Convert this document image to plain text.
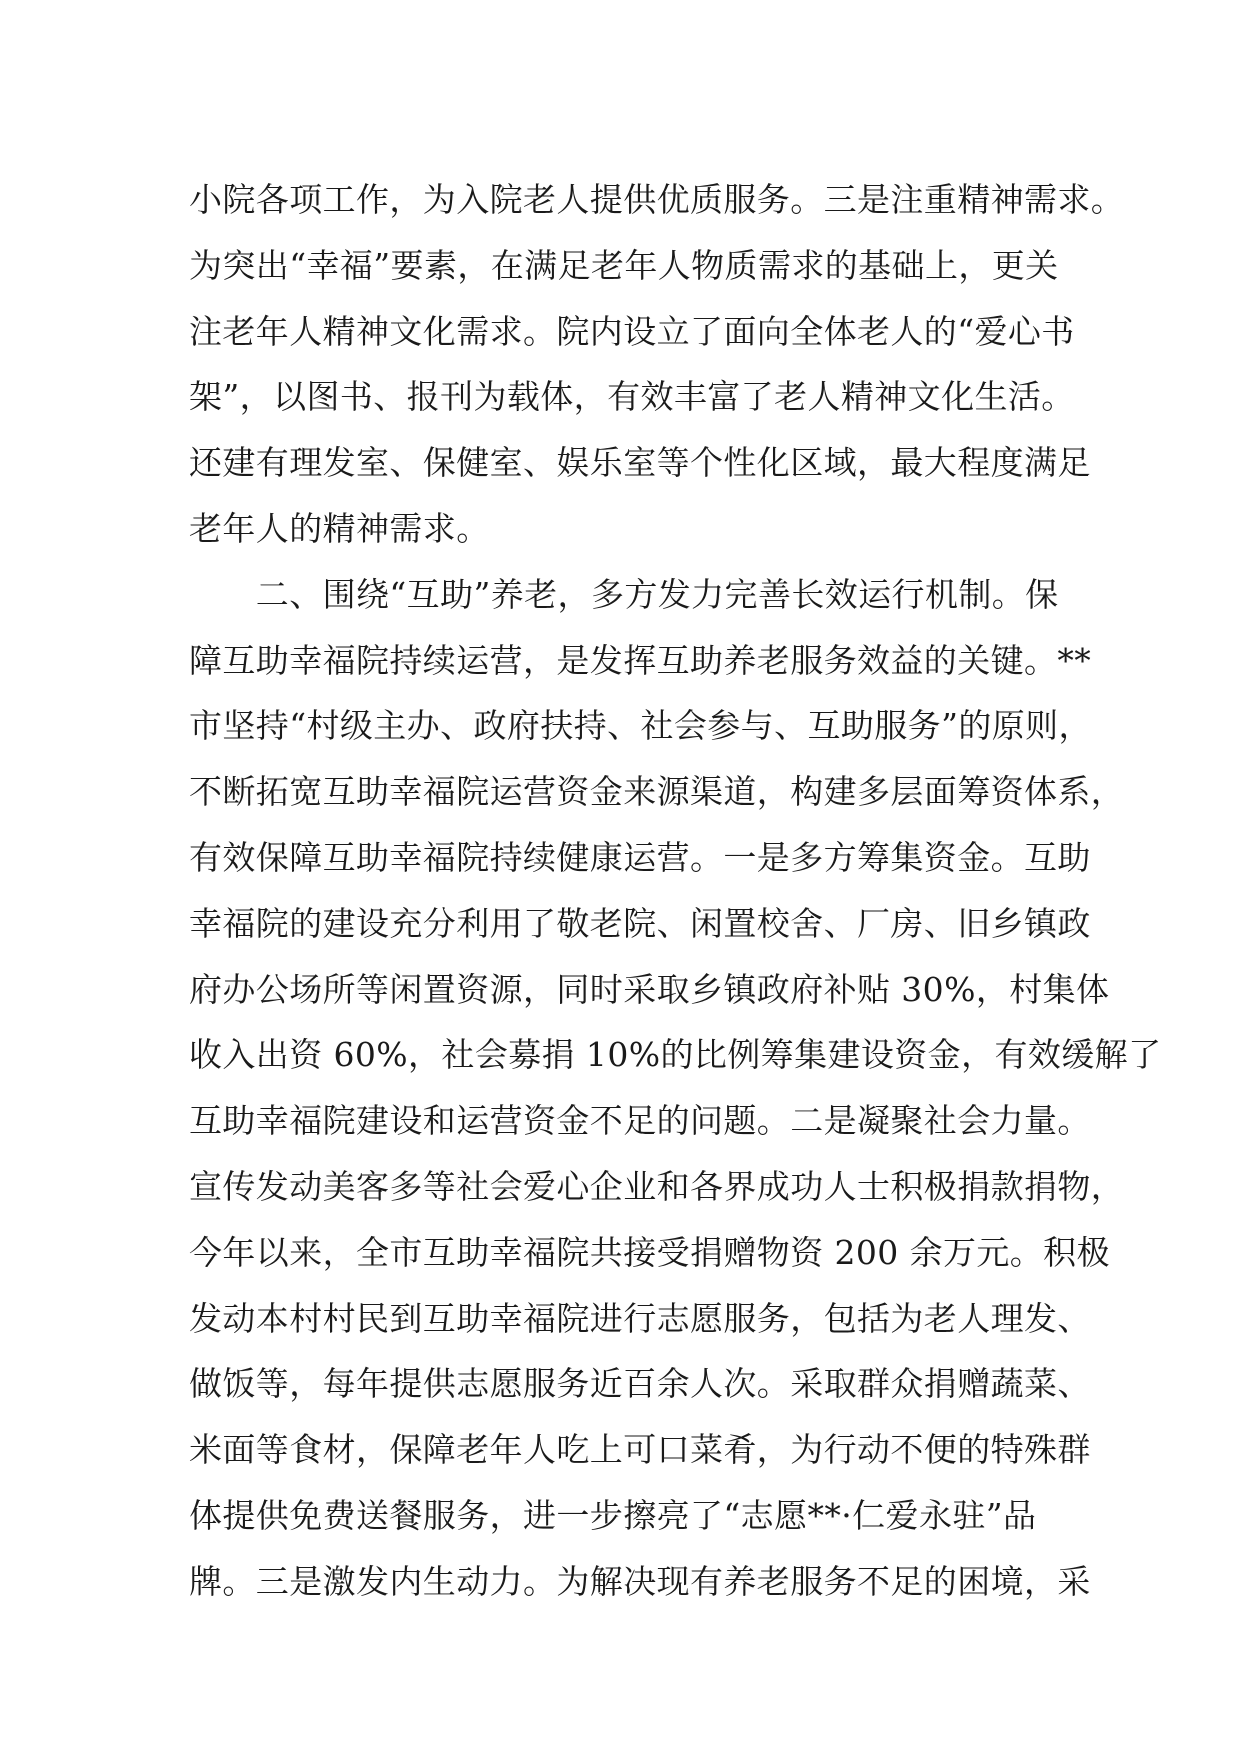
小院各项工作，为入院老人提供优质服务。三是注重精神需求。
为突出“幸福”要素，在满足老年人物质需求的基础上，更关
注老年人精神文化需求。院内设立了面向全体老人的“爱心书
架”，以图书、报刊为载体，有效丰富了老人精神文化生活。
还建有理发室、保健室、娱乐室等个性化区域，最大程度满足
老年人的精神需求。
　　二、围绕“互助”养老，多方发力完善长效运行机制。保
障互助幸福院持续运营，是发挥互助养老服务效益的关键。**
市坚持“村级主办、政府扶持、社会参与、互助服务”的原则，
不断拓宽互助幸福院运营资金来源渠道，构建多层面筹资体系，
有效保障互助幸福院持续健康运营。一是多方筹集资金。互助
幸福院的建设充分利用了敬老院、闲置校舍、厂房、旧乡镇政
府办公场所等闲置资源，同时采取乡镇政府补贴 30%，村集体
收入出资 60%，社会募捐 10%的比例筹集建设资金，有效缓解了
互助幸福院建设和运营资金不足的问题。二是凝聚社会力量。
宣传发动美客多等社会爱心企业和各界成功人士积极捐款捐物，
今年以来，全市互助幸福院共接受捐赠物资 200 余万元。积极
发动本村村民到互助幸福院进行志愿服务，包括为老人理发、
做饭等，每年提供志愿服务近百余人次。采取群众捐赠蔬菜、
米面等食材，保障老年人吃上可口菜肴，为行动不便的特殊群
体提供免费送餐服务，进一步擦亮了“志愿**·仁爱永驻”品
牌。三是激发内生动力。为解决现有养老服务不足的困境，采
